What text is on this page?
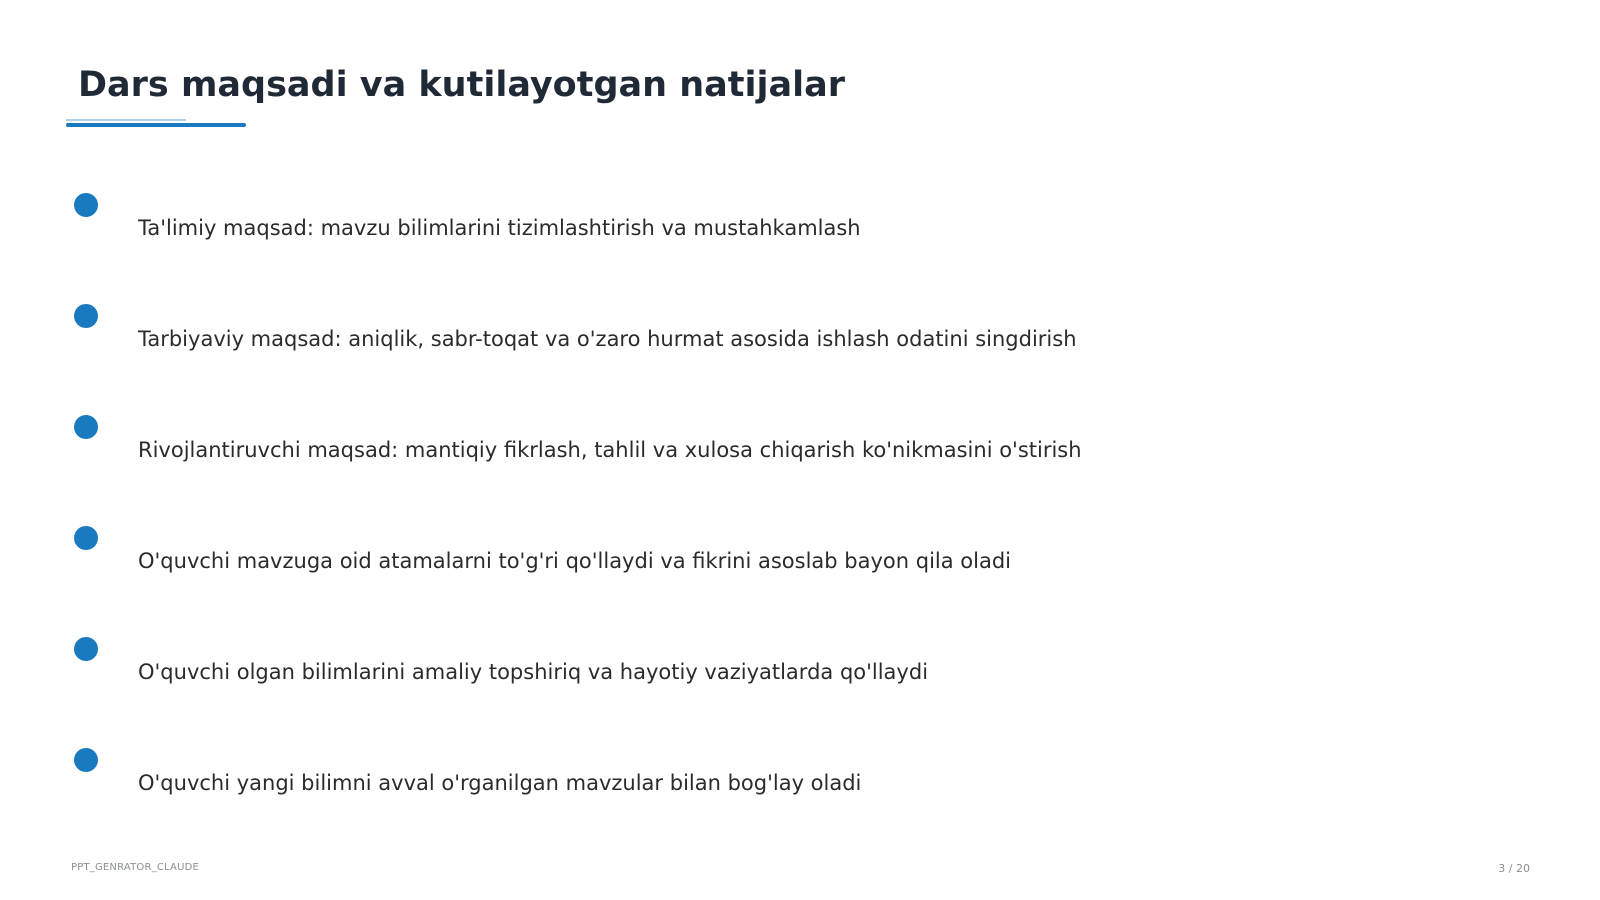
Dars maqsadi va kutilayotgan natijalar
Ta'limiy maqsad: mavzu bilimlarini tizimlashtirish va mustahkamlash
Tarbiyaviy maqsad: aniqlik, sabr-toqat va o'zaro hurmat asosida ishlash odatini singdirish
Rivojlantiruvchi maqsad: mantiqiy fikrlash, tahlil va xulosa chiqarish ko'nikmasini o'stirish
O'quvchi mavzuga oid atamalarni to'g'ri qo'llaydi va fikrini asoslab bayon qila oladi
O'quvchi olgan bilimlarini amaliy topshiriq va hayotiy vaziyatlarda qo'llaydi
O'quvchi yangi bilimni avval o'rganilgan mavzular bilan bog'lay oladi
PPT_GENRATOR_CLAUDE	3 / 20
